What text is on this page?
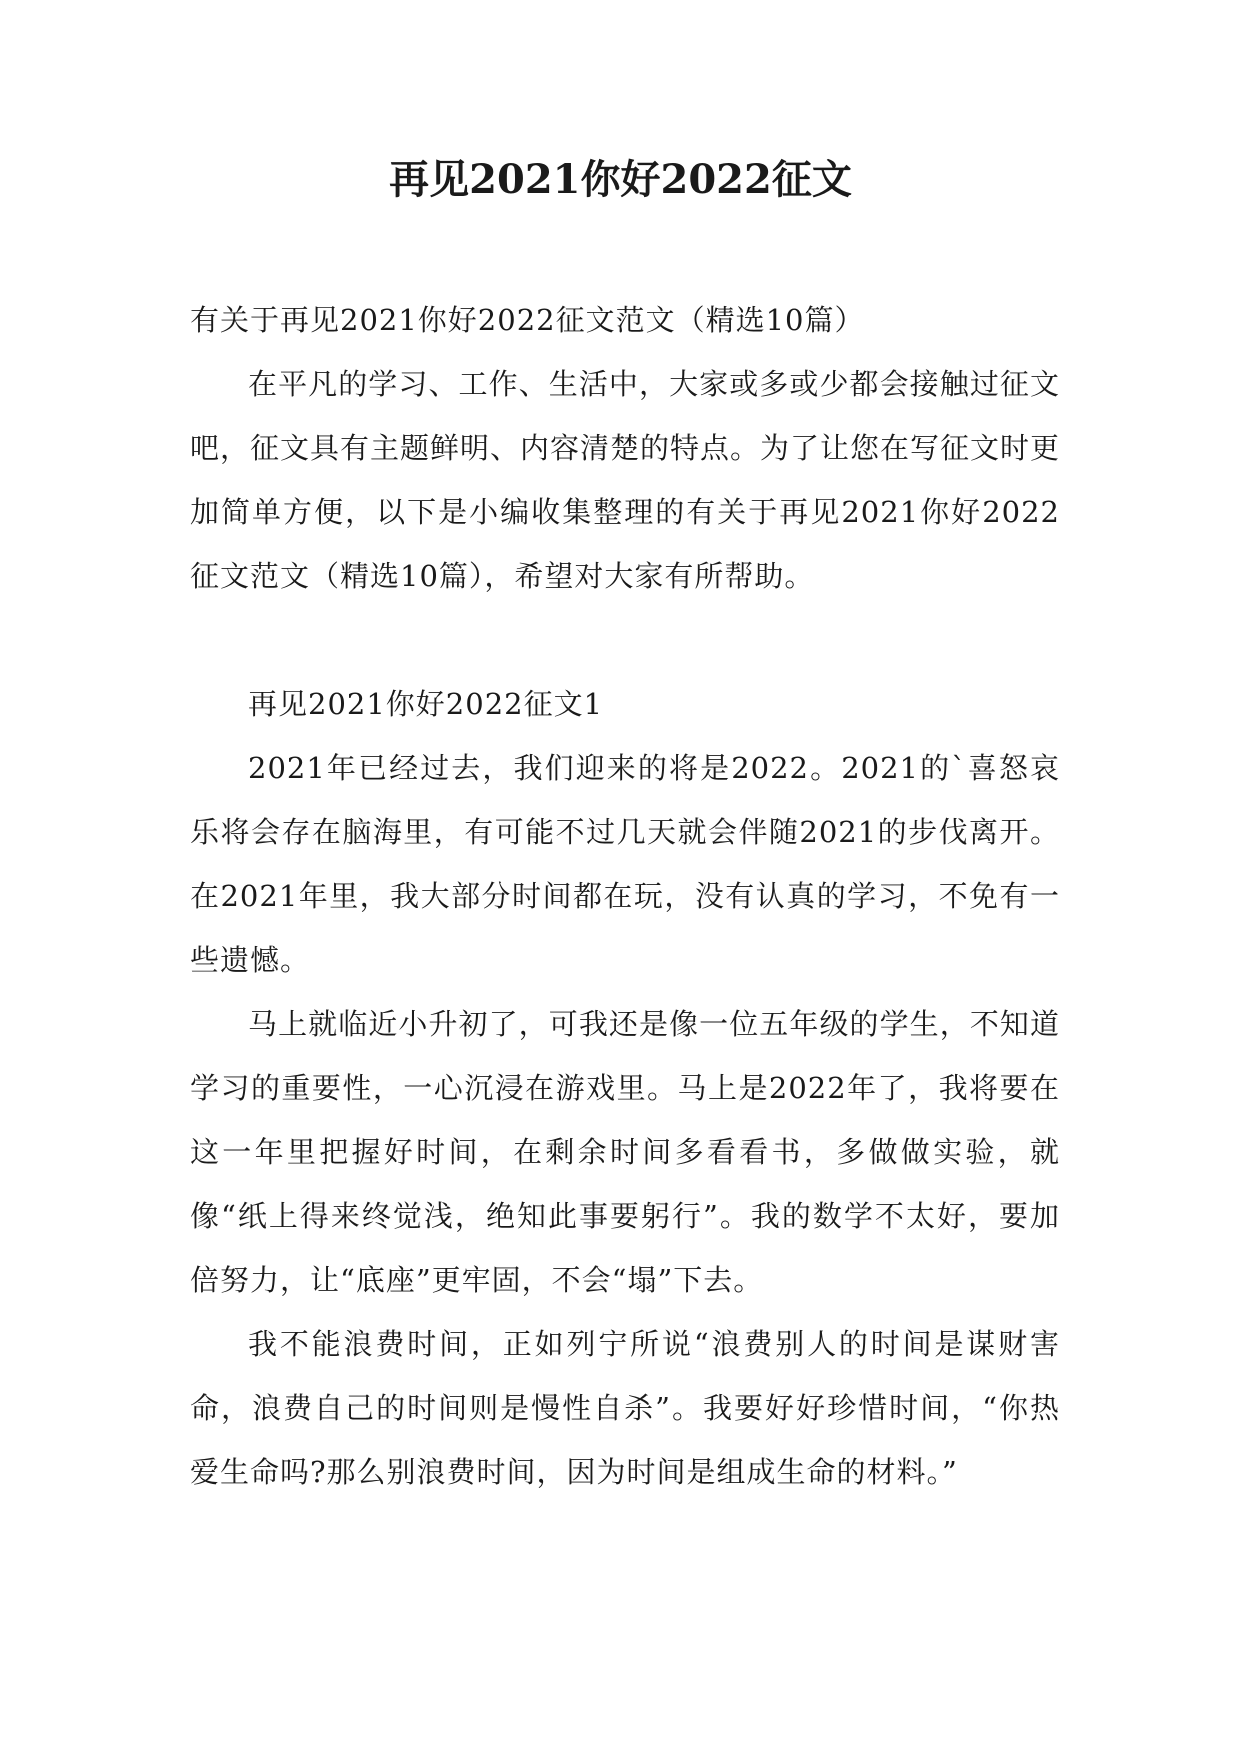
再见2021你好2022征文

有关于再见2021你好2022征文范文（精选10篇）

在平凡的学习、工作、生活中，大家或多或少都会接触过征文吧，征文具有主题鲜明、内容清楚的特点。为了让您在写征文时更加简单方便，以下是小编收集整理的有关于再见2021你好2022征文范文（精选10篇），希望对大家有所帮助。

再见2021你好2022征文1

2021年已经过去，我们迎来的将是2022。2021的`喜怒哀乐将会存在脑海里，有可能不过几天就会伴随2021的步伐离开。在2021年里，我大部分时间都在玩，没有认真的学习，不免有一些遗憾。

马上就临近小升初了，可我还是像一位五年级的学生，不知道学习的重要性，一心沉浸在游戏里。马上是2022年了，我将要在这一年里把握好时间，在剩余时间多看看书，多做做实验，就像“纸上得来终觉浅，绝知此事要躬行”。我的数学不太好，要加倍努力，让“底座”更牢固，不会“塌”下去。

我不能浪费时间，正如列宁所说“浪费别人的时间是谋财害命，浪费自己的时间则是慢性自杀”。我要好好珍惜时间，“你热爱生命吗?那么别浪费时间，因为时间是组成生命的材料。”
